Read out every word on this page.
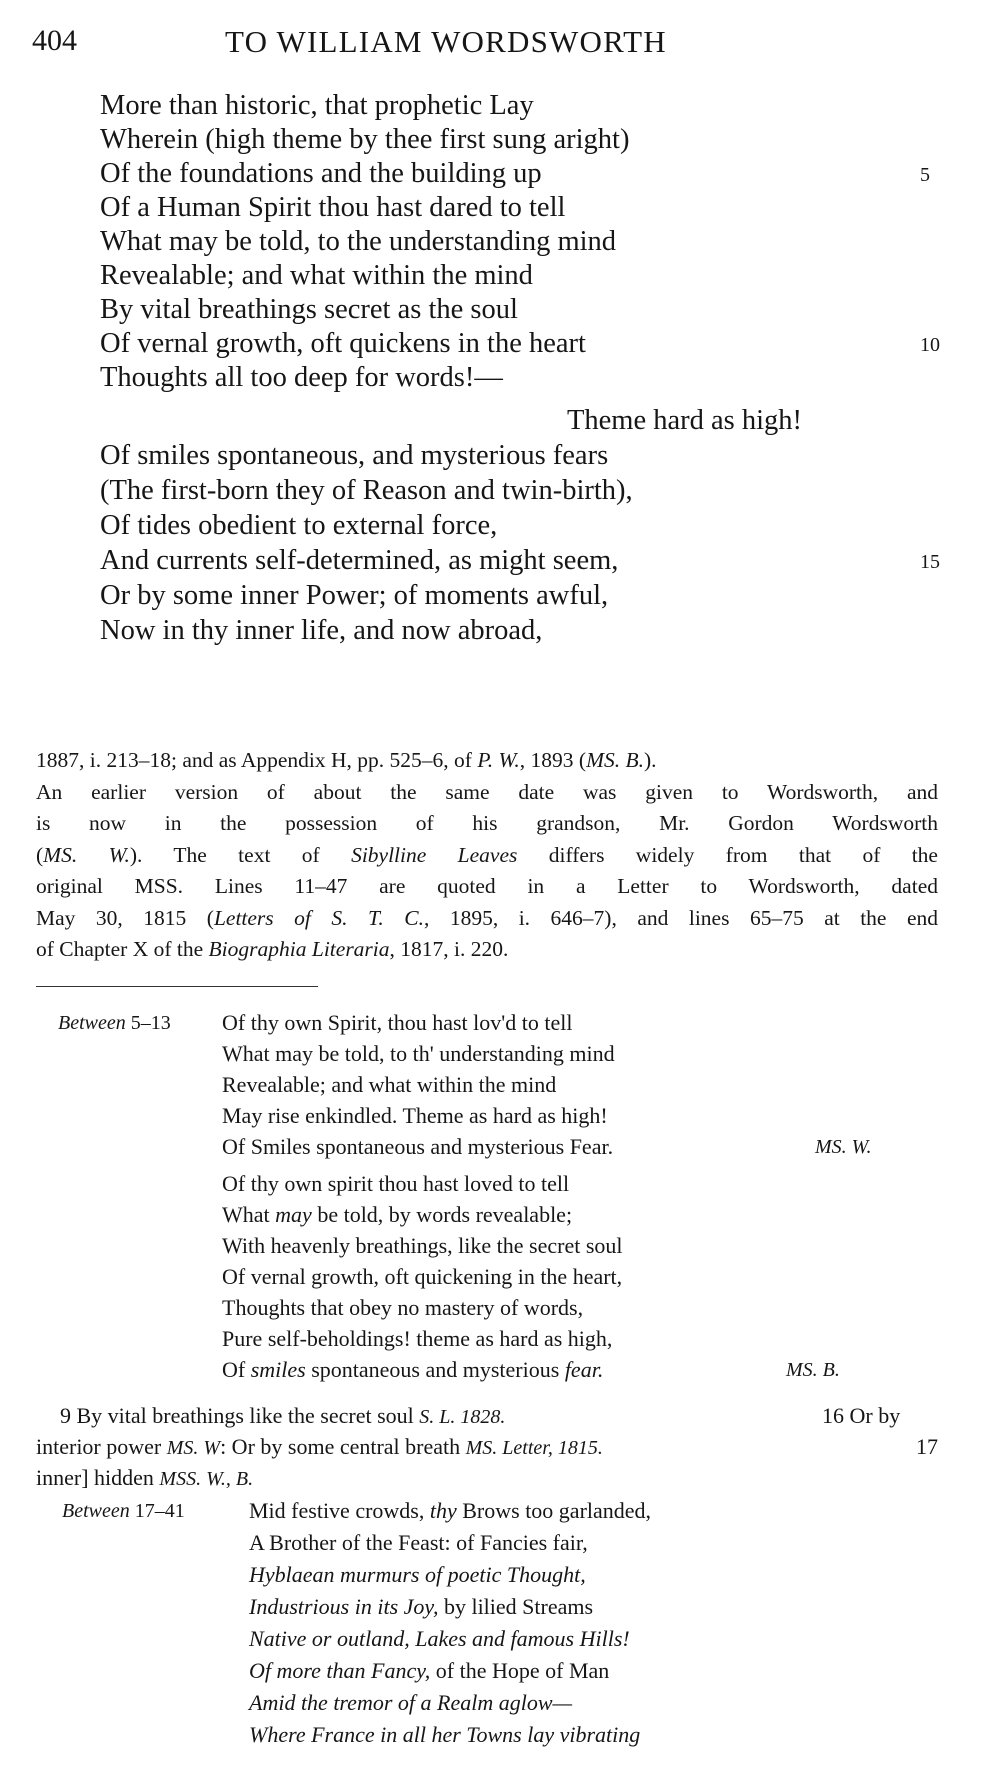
404	TO WILLIAM WORDSWORTH
More than historic, that prophetic Lay
Wherein (high theme by thee first sung aright)
Of the foundations and the building up	5
Of a Human Spirit thou hast dared to tell
What may be told, to the understanding mind
Revealable; and what within the mind
By vital breathings secret as the soul
Of vernal growth, oft quickens in the heart	10
Thoughts all too deep for words!—
Theme hard as high!
Of smiles spontaneous, and mysterious fears
(The first-born they of Reason and twin-birth),
Of tides obedient to external force,
And currents self-determined, as might seem,	15
Or by some inner Power; of moments awful,
Now in thy inner life, and now abroad,
1887, i. 213–18; and as Appendix H, pp. 525–6, of P. W., 1893 (MS. B.).
An earlier version of about the same date was given to Wordsworth, and
is now in the possession of his grandson, Mr. Gordon Wordsworth
(MS. W.). The text of Sibylline Leaves differs widely from that of the
original MSS. Lines 11–47 are quoted in a Letter to Wordsworth, dated
May 30, 1815 (Letters of S. T. C., 1895, i. 646–7), and lines 65–75 at the end
of Chapter X of the Biographia Literaria, 1817, i. 220.
Between 5–13 Of thy own Spirit, thou hast lov'd to tell
What may be told, to th' understanding mind
Revealable; and what within the mind
May rise enkindled. Theme as hard as high!
Of Smiles spontaneous and mysterious Fear.	MS. W.
Of thy own spirit thou hast loved to tell
What may be told, by words revealable;
With heavenly breathings, like the secret soul
Of vernal growth, oft quickening in the heart,
Thoughts that obey no mastery of words,
Pure self-beholdings! theme as hard as high,
Of smiles spontaneous and mysterious fear.	MS. B.
9 By vital breathings like the secret soul S. L. 1828.	16 Or by
interior power MS. W: Or by some central breath MS. Letter, 1815.	17
inner] hidden MSS. W., B.
Between 17–41	Mid festive crowds, thy Brows too garlanded,
A Brother of the Feast: of Fancies fair,
Hyblaean murmurs of poetic Thought,
Industrious in its Joy, by lilied Streams
Native or outland, Lakes and famous Hills!
Of more than Fancy, of the Hope of Man
Amid the tremor of a Realm aglow—
Where France in all her Towns lay vibrating
